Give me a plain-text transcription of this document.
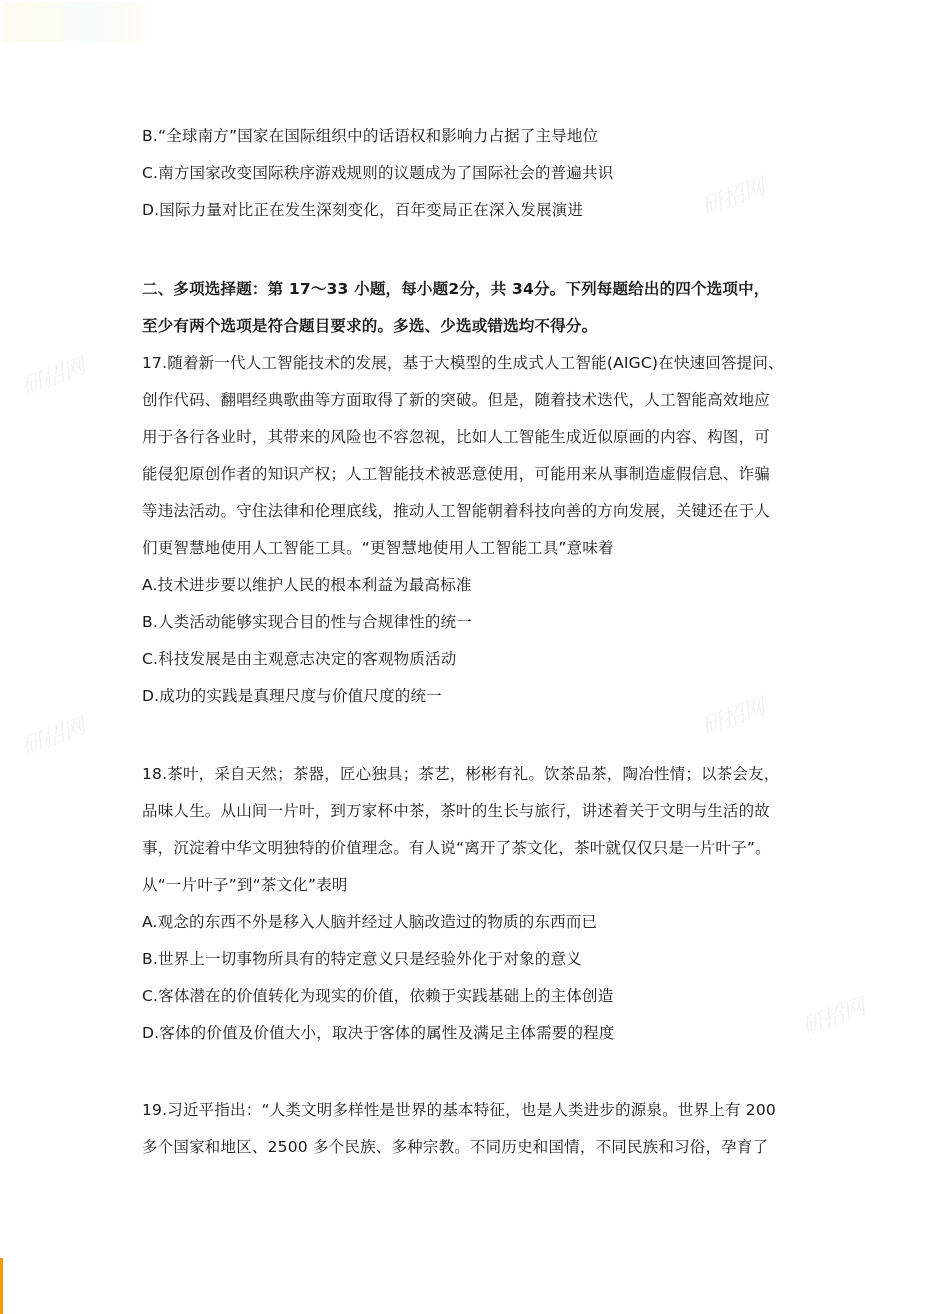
研招网
研招网
研招网
研招网
研招网
B.“全球南方”国家在国际组织中的话语权和影响力占据了主导地位
C.南方国家改变国际秩序游戏规则的议题成为了国际社会的普遍共识
D.国际力量对比正在发生深刻变化，百年变局正在深入发展演进
二、多项选择题：第 17～33 小题，每小题2分，共 34分。下列每题给出的四个选项中，
至少有两个选项是符合题目要求的。多选、少选或错选均不得分。
17.随着新一代人工智能技术的发展，基于大模型的生成式人工智能(AIGC)在快速回答提问、
创作代码、翻唱经典歌曲等方面取得了新的突破。但是，随着技术迭代，人工智能高效地应
用于各行各业时，其带来的风险也不容忽视，比如人工智能生成近似原画的内容、构图，可
能侵犯原创作者的知识产权；人工智能技术被恶意使用，可能用来从事制造虚假信息、诈骗
等违法活动。守住法律和伦理底线，推动人工智能朝着科技向善的方向发展，关键还在于人
们更智慧地使用人工智能工具。“更智慧地使用人工智能工具”意味着
A.技术进步要以维护人民的根本利益为最高标准
B.人类活动能够实现合目的性与合规律性的统一
C.科技发展是由主观意志决定的客观物质活动
D.成功的实践是真理尺度与价值尺度的统一
18.茶叶，采自天然；茶器，匠心独具；茶艺，彬彬有礼。饮茶品茶，陶冶性情；以茶会友，
品味人生。从山间一片叶，到万家杯中茶，茶叶的生长与旅行，讲述着关于文明与生活的故
事，沉淀着中华文明独特的价值理念。有人说“离开了茶文化，茶叶就仅仅只是一片叶子”。
从“一片叶子”到“茶文化”表明
A.观念的东西不外是移入人脑并经过人脑改造过的物质的东西而已
B.世界上一切事物所具有的特定意义只是经验外化于对象的意义
C.客体潜在的价值转化为现实的价值，依赖于实践基础上的主体创造
D.客体的价值及价值大小，取决于客体的属性及满足主体需要的程度
19.习近平指出：“人类文明多样性是世界的基本特征，也是人类进步的源泉。世界上有 200
多个国家和地区、2500 多个民族、多种宗教。不同历史和国情，不同民族和习俗，孕育了
